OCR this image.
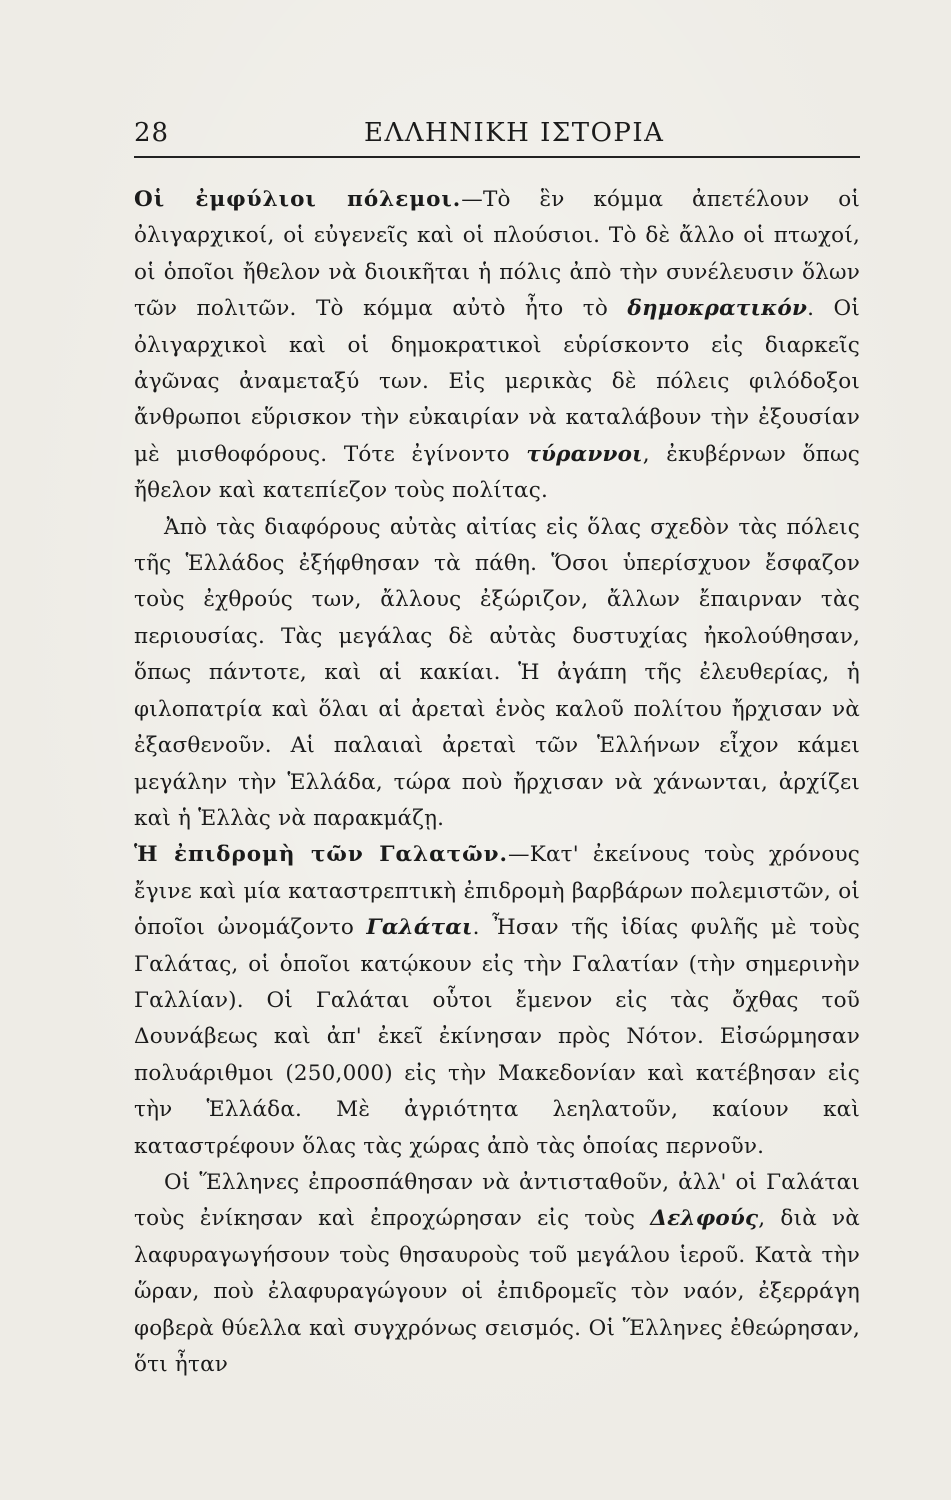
28	ΕΛΛΗΝΙΚΗ ΙΣΤΟΡΙΑ

Οἱ ἐμφύλιοι πόλεμοι.—Τὸ ἓν κόμμα ἀπετέλουν οἱ ὀλιγαρχικοί, οἱ εὐγενεῖς καὶ οἱ πλούσιοι. Τὸ δὲ ἄλλο οἱ πτωχοί, οἱ ὁποῖοι ἤθελον νὰ διοικῆται ἡ πόλις ἀπὸ τὴν συνέλευσιν ὅλων τῶν πολιτῶν. Τὸ κόμμα αὐτὸ ἦτο τὸ δημοκρατικόν. Οἱ ὀλιγαρχικοὶ καὶ οἱ δημοκρατικοὶ εὑρίσκοντο εἰς διαρκεῖς ἀγῶνας ἀναμεταξύ των. Εἰς μερικὰς δὲ πόλεις φιλόδοξοι ἄνθρωποι εὕρισκον τὴν εὐκαιρίαν νὰ καταλάβουν τὴν ἐξουσίαν μὲ μισθοφόρους. Τότε ἐγίνοντο τύραννοι, ἐκυβέρνων ὅπως ἤθελον καὶ κατεπίεζον τοὺς πολίτας.

Ἀπὸ τὰς διαφόρους αὐτὰς αἰτίας εἰς ὅλας σχεδὸν τὰς πόλεις τῆς Ἑλλάδος ἐξήφθησαν τὰ πάθη. Ὅσοι ὑπερίσχυον ἔσφαζον τοὺς ἐχθρούς των, ἄλλους ἐξώριζον, ἄλλων ἔπαιρναν τὰς περιουσίας. Τὰς μεγάλας δὲ αὐτὰς δυστυχίας ἠκολούθησαν, ὅπως πάντοτε, καὶ αἱ κακίαι. Ἡ ἀγάπη τῆς ἐλευθερίας, ἡ φιλοπατρία καὶ ὅλαι αἱ ἀρεταὶ ἑνὸς καλοῦ πολίτου ἤρχισαν νὰ ἐξασθενοῦν. Αἱ παλαιαὶ ἀρεταὶ τῶν Ἑλλήνων εἶχον κάμει μεγάλην τὴν Ἑλλάδα, τώρα ποὺ ἤρχισαν νὰ χάνωνται, ἀρχίζει καὶ ἡ Ἑλλὰς νὰ παρακμάζῃ.

Ἡ ἐπιδρομὴ τῶν Γαλατῶν.—Κατ' ἐκείνους τοὺς χρόνους ἔγινε καὶ μία καταστρεπτικὴ ἐπιδρομὴ βαρβάρων πολεμιστῶν, οἱ ὁποῖοι ὠνομάζοντο Γαλάται. Ἦσαν τῆς ἰδίας φυλῆς μὲ τοὺς Γαλάτας, οἱ ὁποῖοι κατῴκουν εἰς τὴν Γαλατίαν (τὴν σημερινὴν Γαλλίαν). Οἱ Γαλάται οὗτοι ἔμενον εἰς τὰς ὄχθας τοῦ Δουνάβεως καὶ ἀπ' ἐκεῖ ἐκίνησαν πρὸς Νότον. Εἰσώρμησαν πολυάριθμοι (250,000) εἰς τὴν Μακεδονίαν καὶ κατέβησαν εἰς τὴν Ἑλλάδα. Μὲ ἀγριότητα λεηλατοῦν, καίουν καὶ καταστρέφουν ὅλας τὰς χώρας ἀπὸ τὰς ὁποίας περνοῦν.

Οἱ Ἕλληνες ἐπροσπάθησαν νὰ ἀντισταθοῦν, ἀλλ' οἱ Γαλάται τοὺς ἐνίκησαν καὶ ἐπροχώρησαν εἰς τοὺς Δελφούς, διὰ νὰ λαφυραγωγήσουν τοὺς θησαυροὺς τοῦ μεγάλου ἱεροῦ. Κατὰ τὴν ὥραν, ποὺ ἐλαφυραγώγουν οἱ ἐπιδρομεῖς τὸν ναόν, ἐξερράγη φοβερὰ θύελλα καὶ συγχρόνως σεισμός. Οἱ Ἕλληνες ἐθεώρησαν, ὅτι ἦταν
